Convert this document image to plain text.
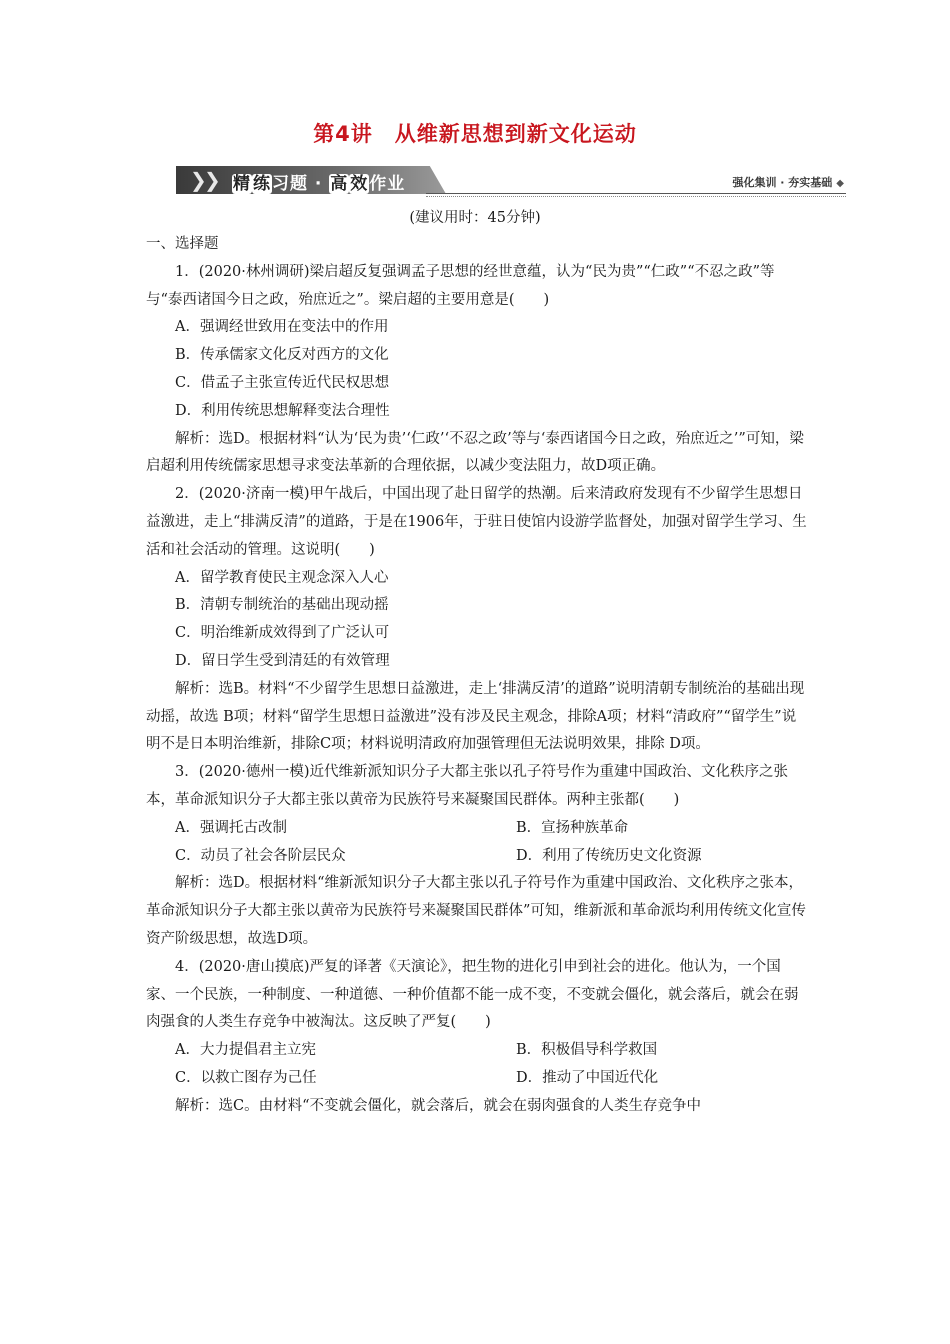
第4讲　从维新思想到新文化运动
❯
❯ 精 练习题 · 高 效作业	强化集训 · 夯实基础 ◆
(建议用时：45分钟)

一、选择题

1．(2020·林州调研)梁启超反复强调孟子思想的经世意蕴，认为“民为贵”“仁政”“不忍之政”等与“泰西诸国今日之政，殆庶近之”。梁启超的主要用意是(　　)

A．强调经世致用在变法中的作用

B．传承儒家文化反对西方的文化

C．借孟子主张宣传近代民权思想

D．利用传统思想解释变法合理性

解析：选D。根据材料“认为‘民为贵’‘仁政’‘不忍之政’等与‘泰西诸国今日之政，殆庶近之’”可知，梁启超利用传统儒家思想寻求变法革新的合理依据，以减少变法阻力，故D项正确。

2．(2020·济南一模)甲午战后，中国出现了赴日留学的热潮。后来清政府发现有不少留学生思想日益激进，走上“排满反清”的道路，于是在1906年，于驻日使馆内设游学监督处，加强对留学生学习、生活和社会活动的管理。这说明(　　)

A．留学教育使民主观念深入人心

B．清朝专制统治的基础出现动摇

C．明治维新成效得到了广泛认可

D．留日学生受到清廷的有效管理

解析：选B。材料“不少留学生思想日益激进，走上‘排满反清’的道路”说明清朝专制统治的基础出现动摇，故选 B项；材料“留学生思想日益激进”没有涉及民主观念，排除A项；材料“清政府”“留学生”说明不是日本明治维新，排除C项；材料说明清政府加强管理但无法说明效果，排除 D项。

3．(2020·德州一模)近代维新派知识分子大都主张以孔子符号作为重建中国政治、文化秩序之张本，革命派知识分子大都主张以黄帝为民族符号来凝聚国民群体。两种主张都(　　)

A．强调托古改制	B．宣扬种族革命
C．动员了社会各阶层民众	D．利用了传统历史文化资源

解析：选D。根据材料“维新派知识分子大都主张以孔子符号作为重建中国政治、文化秩序之张本，革命派知识分子大都主张以黄帝为民族符号来凝聚国民群体”可知，维新派和革命派均利用传统文化宣传资产阶级思想，故选D项。

4．(2020·唐山摸底)严复的译著《天演论》，把生物的进化引申到社会的进化。他认为，一个国家、一个民族，一种制度、一种道德、一种价值都不能一成不变，不变就会僵化，就会落后，就会在弱肉强食的人类生存竞争中被淘汰。这反映了严复(　　)

A．大力提倡君主立宪	B．积极倡导科学救国
C．以救亡图存为己任	D．推动了中国近代化

解析：选C。由材料“不变就会僵化，就会落后，就会在弱肉强食的人类生存竞争中
